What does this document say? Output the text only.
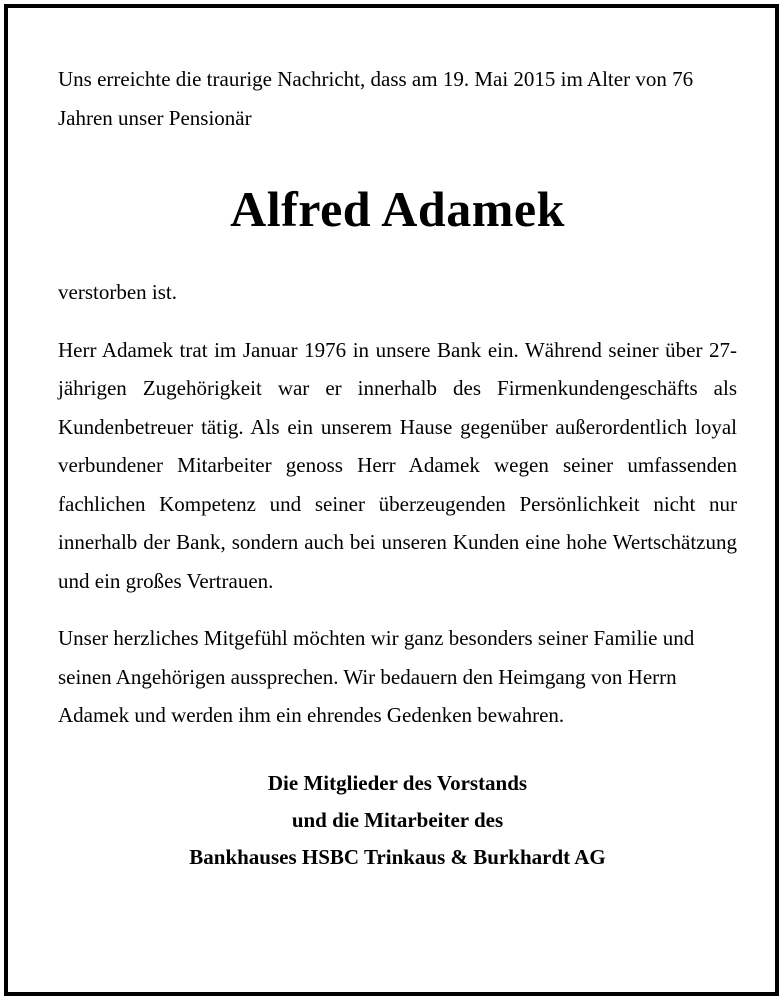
Uns erreichte die traurige Nachricht, dass am 19. Mai 2015 im Alter von 76 Jahren unser Pensionär

Alfred Adamek

verstorben ist.

Herr Adamek trat im Januar 1976 in unsere Bank ein. Während seiner über 27-jährigen Zugehörigkeit war er innerhalb des Firmenkundengeschäfts als Kundenbetreuer tätig. Als ein unserem Hause gegenüber außerordentlich loyal verbundener Mitarbeiter genoss Herr Adamek wegen seiner umfassenden fachlichen Kompetenz und seiner überzeugenden Persönlichkeit nicht nur innerhalb der Bank, sondern auch bei unseren Kunden eine hohe Wertschätzung und ein großes Vertrauen.

Unser herzliches Mitgefühl möchten wir ganz besonders seiner Familie und seinen Angehörigen aussprechen. Wir bedauern den Heimgang von Herrn Adamek und werden ihm ein ehrendes Gedenken bewahren.

Die Mitglieder des Vorstands
und die Mitarbeiter des
Bankhauses HSBC Trinkaus & Burkhardt AG
